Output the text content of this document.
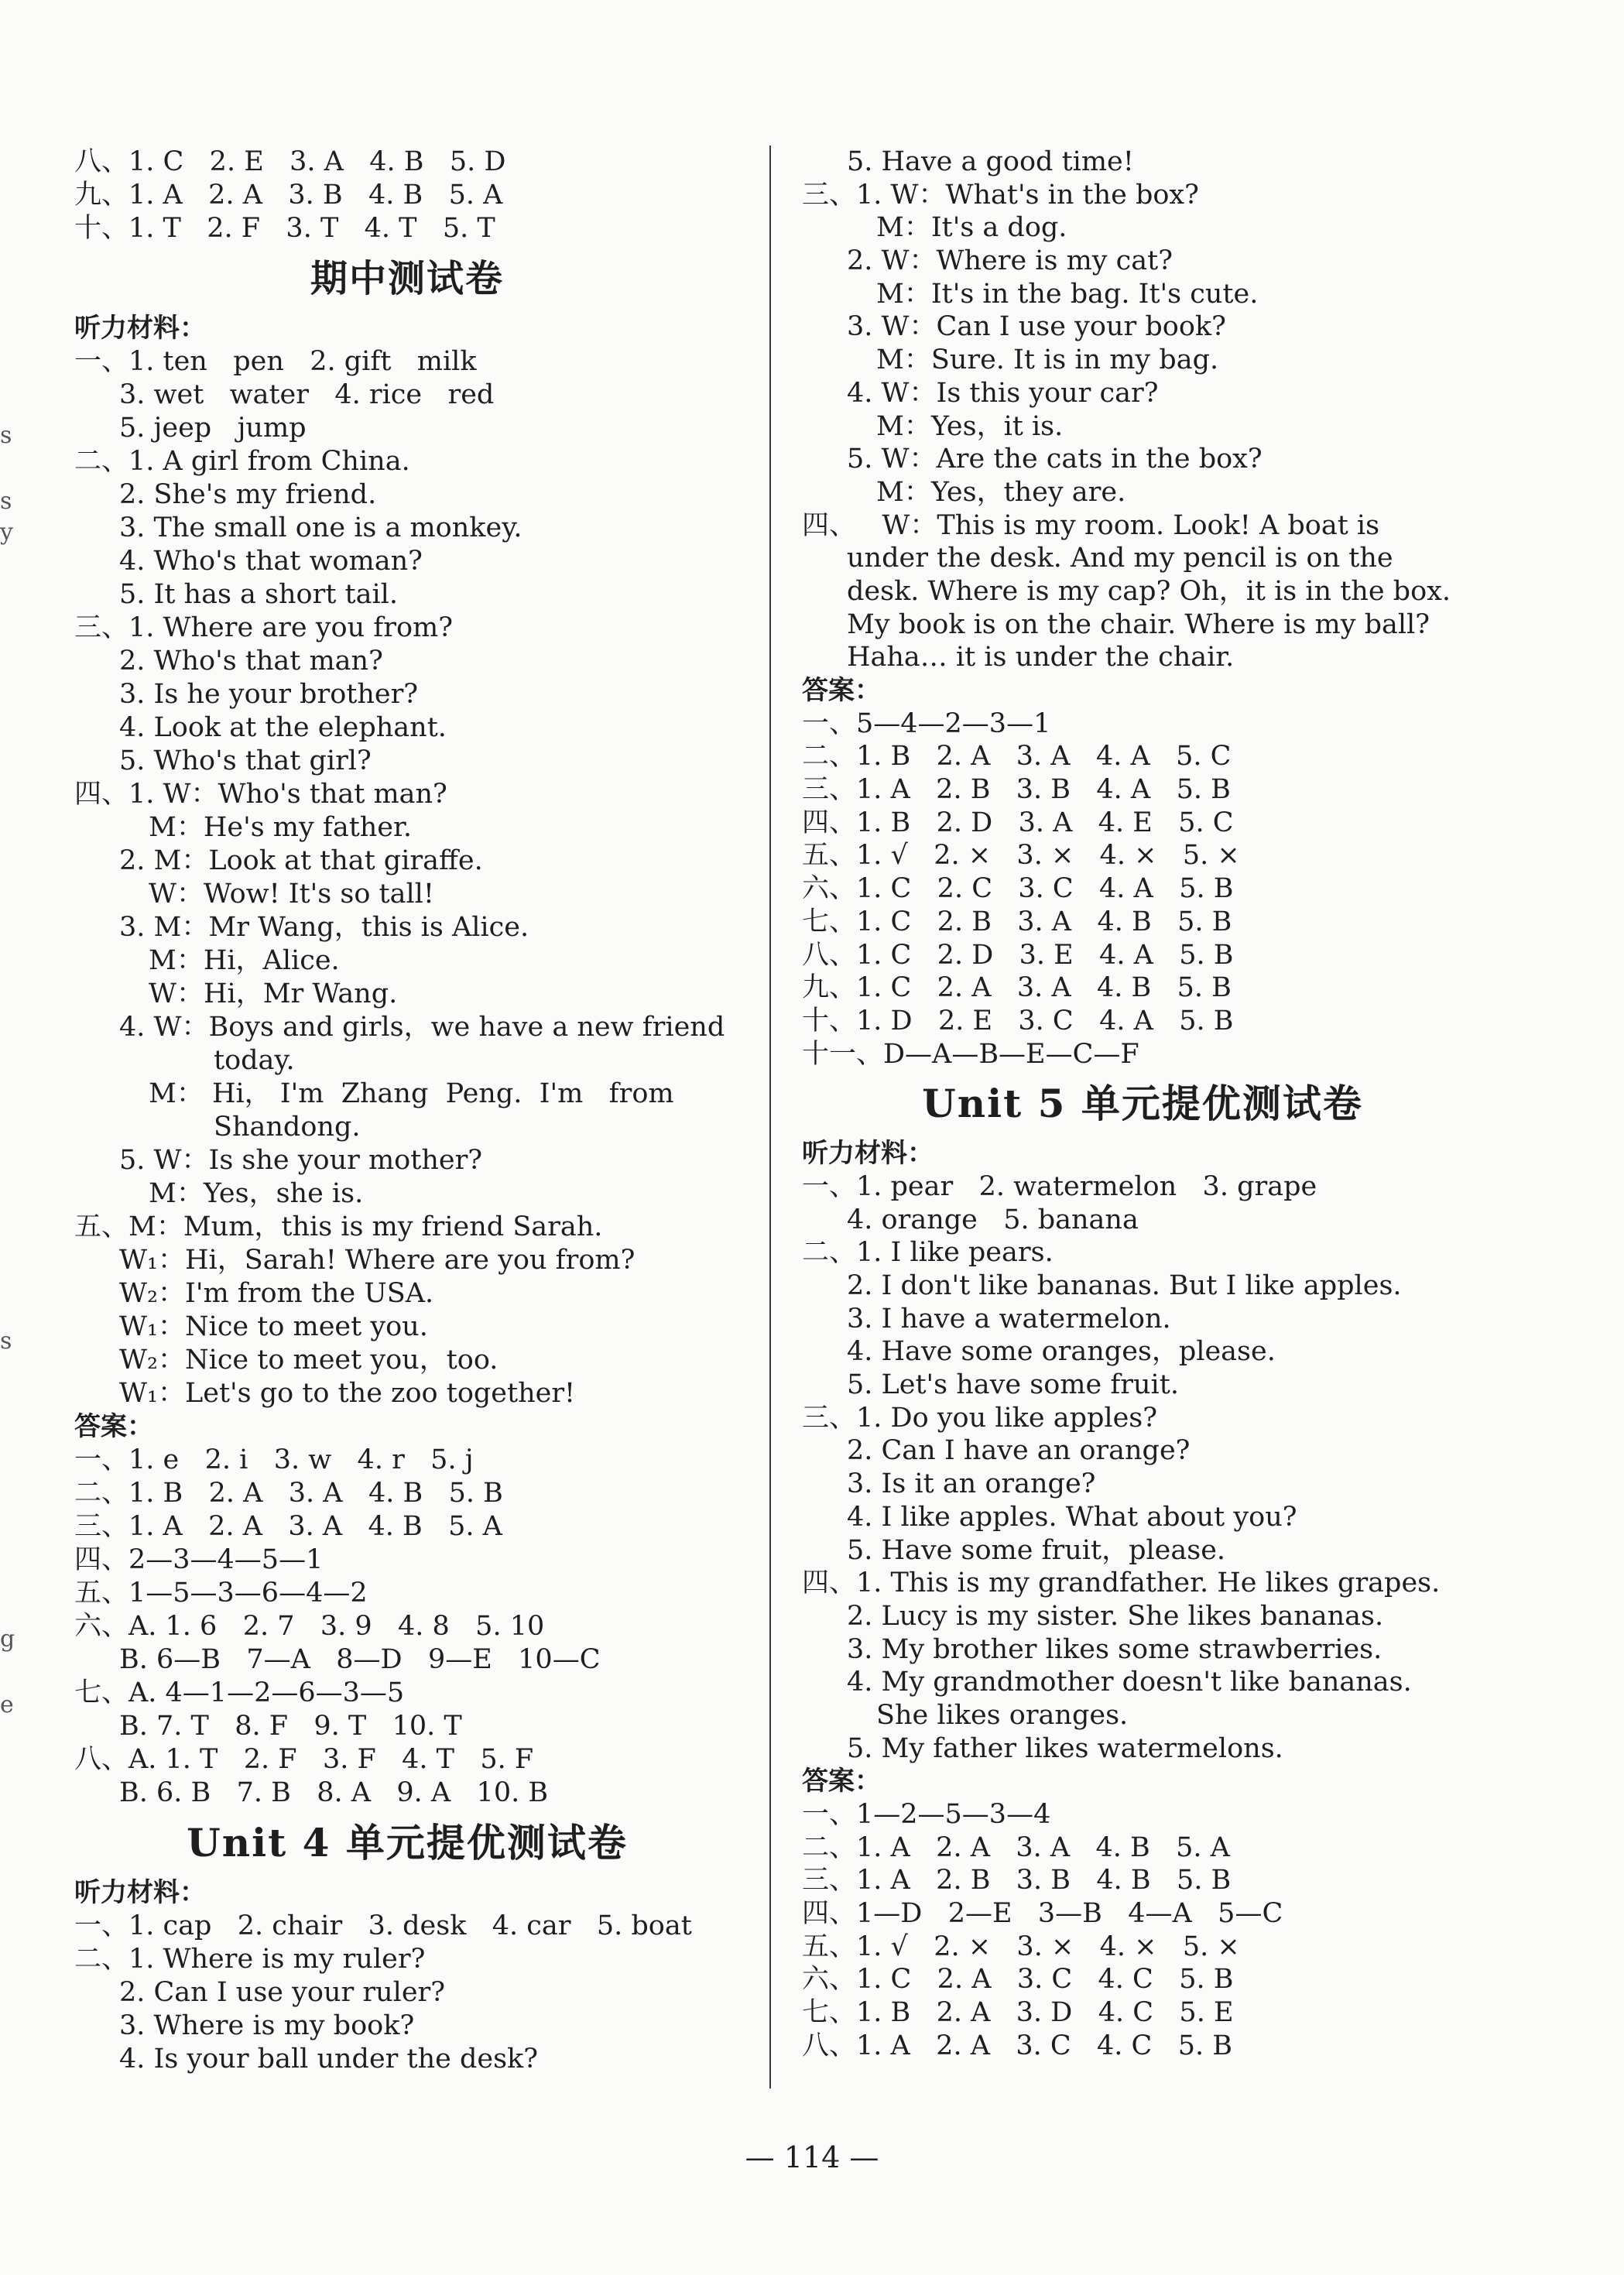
八、1. C   2. E   3. A   4. B   5. D
九、1. A   2. A   3. B   4. B   5. A
十、1. T   2. F   3. T   4. T   5. T
期中测试卷
听力材料：
一、1. ten   pen   2. gift   milk
3. wet   water   4. rice   red
5. jeep   jump
二、1. A girl from China.
2. She's my friend.
3. The small one is a monkey.
4. Who's that woman?
5. It has a short tail.
三、1. Where are you from?
2. Who's that man?
3. Is he your brother?
4. Look at the elephant.
5. Who's that girl?
四、1. W：Who's that man?
M：He's my father.
2. M：Look at that giraffe.
W：Wow! It's so tall!
3. M：Mr Wang，this is Alice.
M：Hi，Alice.
W：Hi，Mr Wang.
4. W：Boys and girls，we have a new friend
today.
M： Hi， I'm  Zhang  Peng.  I'm   from
Shandong.
5. W：Is she your mother?
M：Yes，she is.
五、M：Mum，this is my friend Sarah.
W₁：Hi，Sarah! Where are you from?
W₂：I'm from the USA.
W₁：Nice to meet you.
W₂：Nice to meet you，too.
W₁：Let's go to the zoo together!
答案：
一、1. e   2. i   3. w   4. r   5. j
二、1. B   2. A   3. A   4. B   5. B
三、1. A   2. A   3. A   4. B   5. A
四、2—3—4—5—1
五、1—5—3—6—4—2
六、A. 1. 6   2. 7   3. 9   4. 8   5. 10
B. 6—B   7—A   8—D   9—E   10—C
七、A. 4—1—2—6—3—5
B. 7. T   8. F   9. T   10. T
八、A. 1. T   2. F   3. F   4. T   5. F
B. 6. B   7. B   8. A   9. A   10. B
Unit 4 单元提优测试卷
听力材料：
一、1. cap   2. chair   3. desk   4. car   5. boat
二、1. Where is my ruler?
2. Can I use your ruler?
3. Where is my book?
4. Is your ball under the desk?
5. Have a good time!
三、1. W：What's in the box?
M：It's a dog.
2. W：Where is my cat?
M：It's in the bag. It's cute.
3. W：Can I use your book?
M：Sure. It is in my bag.
4. W：Is this your car?
M：Yes，it is.
5. W：Are the cats in the box?
M：Yes，they are.
四、   W：This is my room. Look! A boat is
under the desk. And my pencil is on the
desk. Where is my cap? Oh，it is in the box.
My book is on the chair. Where is my ball?
Haha… it is under the chair.
答案：
一、5—4—2—3—1
二、1. B   2. A   3. A   4. A   5. C
三、1. A   2. B   3. B   4. A   5. B
四、1. B   2. D   3. A   4. E   5. C
五、1. √   2. ×   3. ×   4. ×   5. ×
六、1. C   2. C   3. C   4. A   5. B
七、1. C   2. B   3. A   4. B   5. B
八、1. C   2. D   3. E   4. A   5. B
九、1. C   2. A   3. A   4. B   5. B
十、1. D   2. E   3. C   4. A   5. B
十一、D—A—B—E—C—F
Unit 5 单元提优测试卷
听力材料：
一、1. pear   2. watermelon   3. grape
4. orange   5. banana
二、1. I like pears.
2. I don't like bananas. But I like apples.
3. I have a watermelon.
4. Have some oranges，please.
5. Let's have some fruit.
三、1. Do you like apples?
2. Can I have an orange?
3. Is it an orange?
4. I like apples. What about you?
5. Have some fruit，please.
四、1. This is my grandfather. He likes grapes.
2. Lucy is my sister. She likes bananas.
3. My brother likes some strawberries.
4. My grandmother doesn't like bananas.
She likes oranges.
5. My father likes watermelons.
答案：
一、1—2—5—3—4
二、1. A   2. A   3. A   4. B   5. A
三、1. A   2. B   3. B   4. B   5. B
四、1—D   2—E   3—B   4—A   5—C
五、1. √   2. ×   3. ×   4. ×   5. ×
六、1. C   2. A   3. C   4. C   5. B
七、1. B   2. A   3. D   4. C   5. E
八、1. A   2. A   3. C   4. C   5. B
— 114 —
s
s
y
s
g
e
